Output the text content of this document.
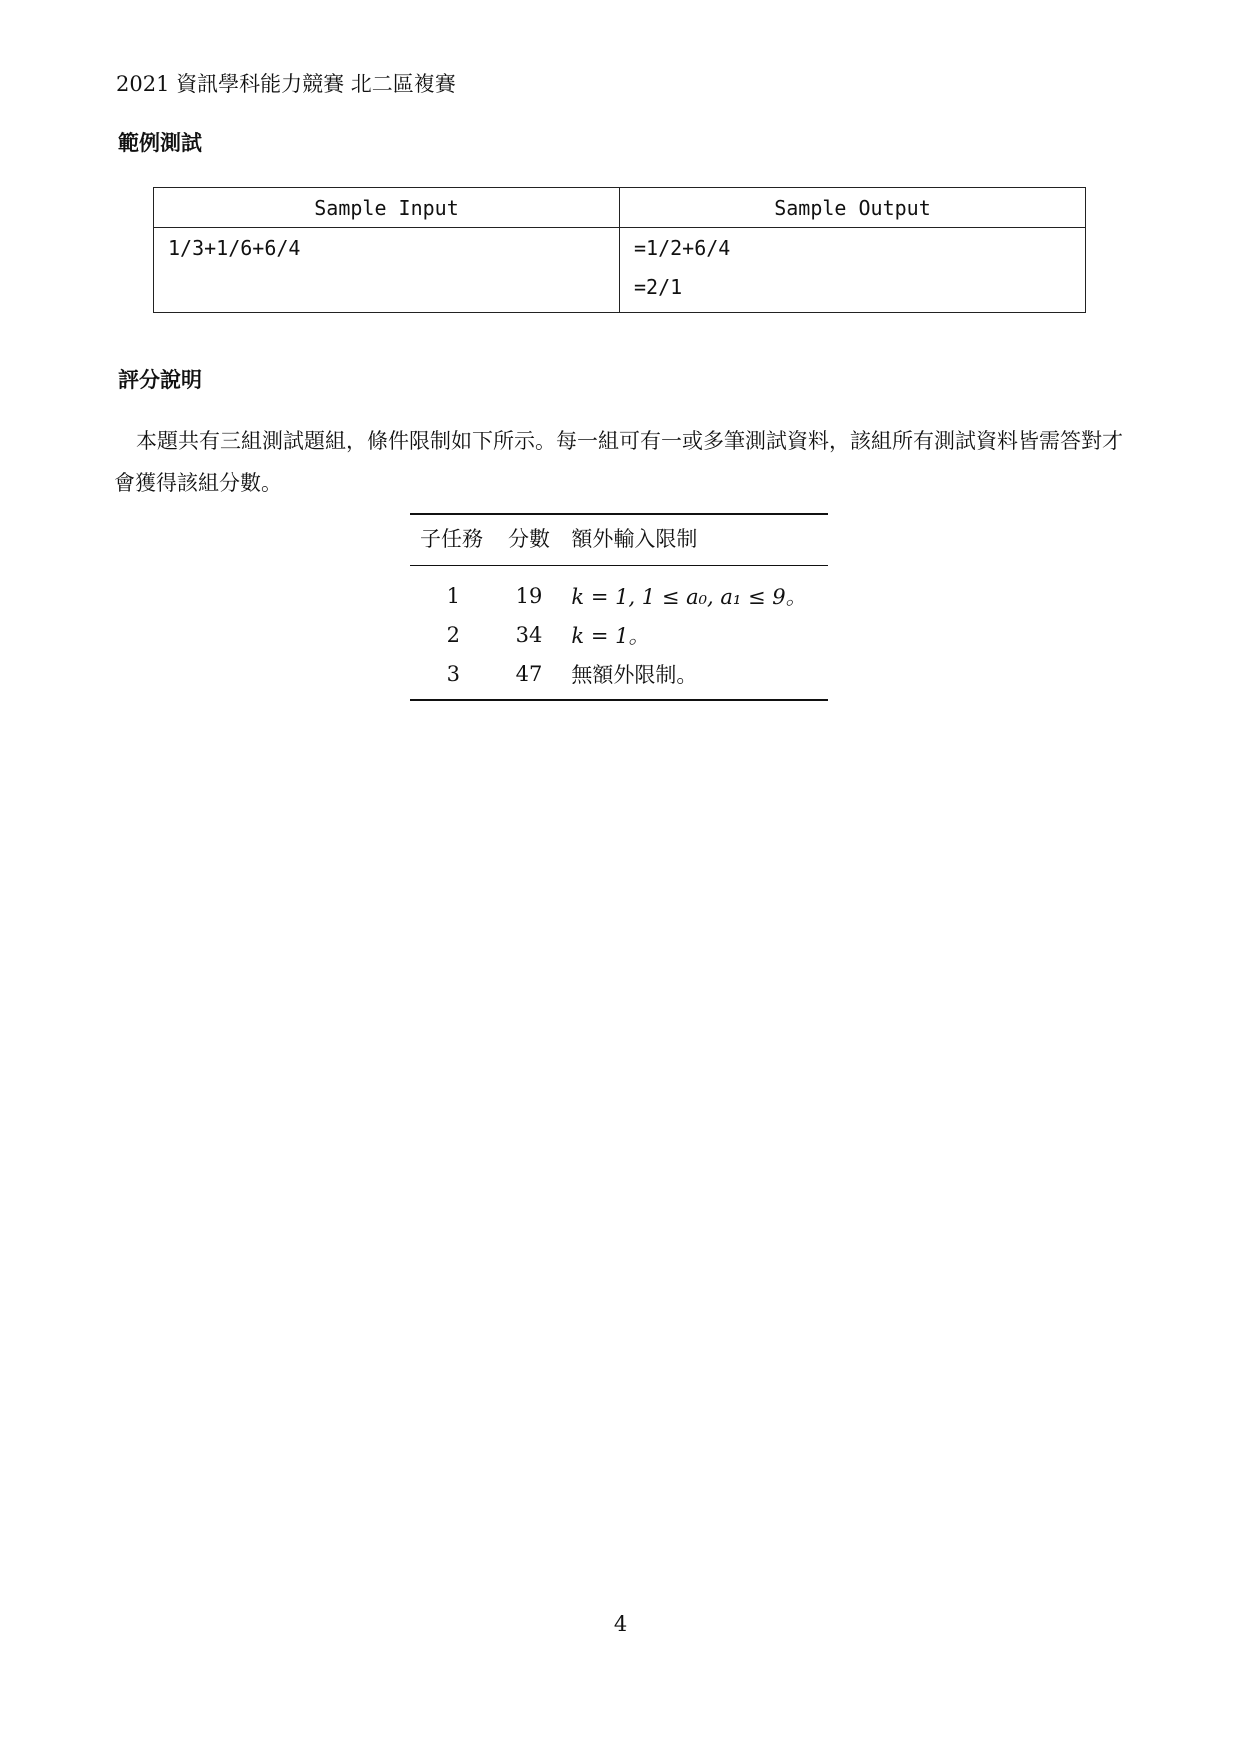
2021 資訊學科能力競賽 北二區複賽
範例測試
Sample Input	Sample Output

1/3+1/6+6/4	=1/2+6/4
=2/1
評分說明
本題共有三組測試題組，條件限制如下所示。每一組可有一或多筆測試資料，該組所有測試資料皆需答對才會獲得該組分數。
子任務	分數	額外輸入限制
1	19	k = 1, 1 ≤ a₀, a₁ ≤ 9。
2	34	k = 1。
3	47	無額外限制。
4
